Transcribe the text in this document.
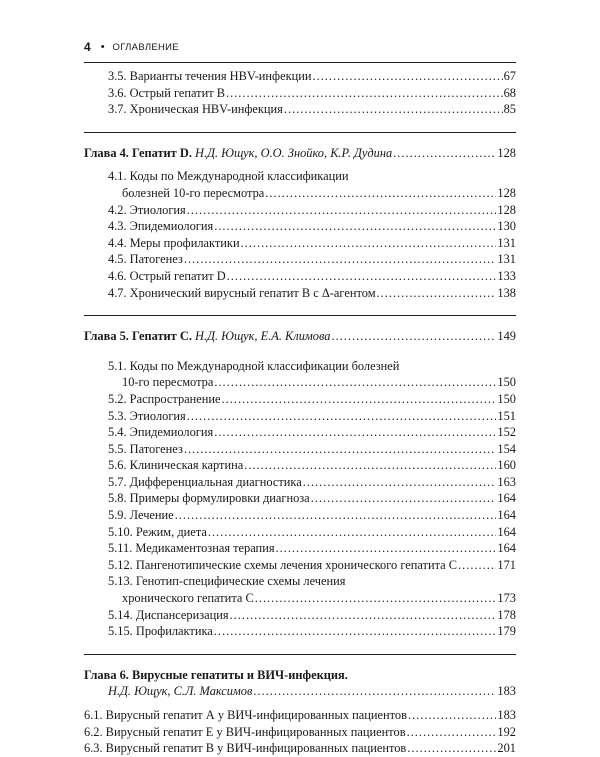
4 • ОГЛАВЛЕНИЕ
3.5. Варианты течения HBV-инфекции .....	67
3.6. Острый гепатит B .....	68
3.7. Хроническая HBV-инфекция .....	85
Глава 4. Гепатит D. Н.Д. Ющук, О.О. Знойко, К.Р. Дудина .....	128
4.1. Коды по Международной классификации
болезней 10-го пересмотра .....	128
4.2. Этиология .....	128
4.3. Эпидемиология .....	130
4.4. Меры профилактики .....	131
4.5. Патогенез .....	131
4.6. Острый гепатит D .....	133
4.7. Хронический вирусный гепатит В с Δ-агентом .....	138
Глава 5. Гепатит С. Н.Д. Ющук, Е.А. Климова .....	149
5.1. Коды по Международной классификации болезней
10-го пересмотра .....	150
5.2. Распространение .....	150
5.3. Этиология .....	151
5.4. Эпидемиология .....	152
5.5. Патогенез .....	154
5.6. Клиническая картина .....	160
5.7. Дифференциальная диагностика .....	163
5.8. Примеры формулировки диагноза .....	164
5.9. Лечение .....	164
5.10. Режим, диета .....	164
5.11. Медикаментозная терапия .....	164
5.12. Пангенотипические схемы лечения хронического гепатита С .....	171
5.13. Генотип-специфические схемы лечения
хронического гепатита С .....	173
5.14. Диспансеризация .....	178
5.15. Профилактика .....	179
Глава 6. Вирусные гепатиты и ВИЧ-инфекция.
Н.Д. Ющук, С.Л. Максимов .....	183
6.1. Вирусный гепатит А у ВИЧ-инфицированных пациентов .....	183
6.2. Вирусный гепатит Е у ВИЧ-инфицированных пациентов .....	192
6.3. Вирусный гепатит В у ВИЧ-инфицированных пациентов .....	201
